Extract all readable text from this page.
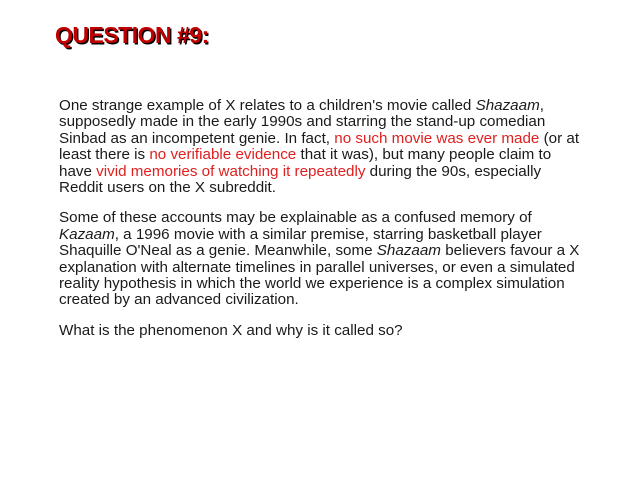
QUESTION #9:

One strange example of X relates to a children's movie called Shazaam, supposedly made in the early 1990s and starring the stand-up comedian Sinbad as an incompetent genie. In fact, no such movie was ever made (or at least there is no verifiable evidence that it was), but many people claim to have vivid memories of watching it repeatedly during the 90s, especially Reddit users on the X subreddit.

Some of these accounts may be explainable as a confused memory of Kazaam, a 1996 movie with a similar premise, starring basketball player Shaquille O'Neal as a genie. Meanwhile, some Shazaam believers favour a X explanation with alternate timelines in parallel universes, or even a simulated reality hypothesis in which the world we experience is a complex simulation created by an advanced civilization.

What is the phenomenon X and why is it called so?
